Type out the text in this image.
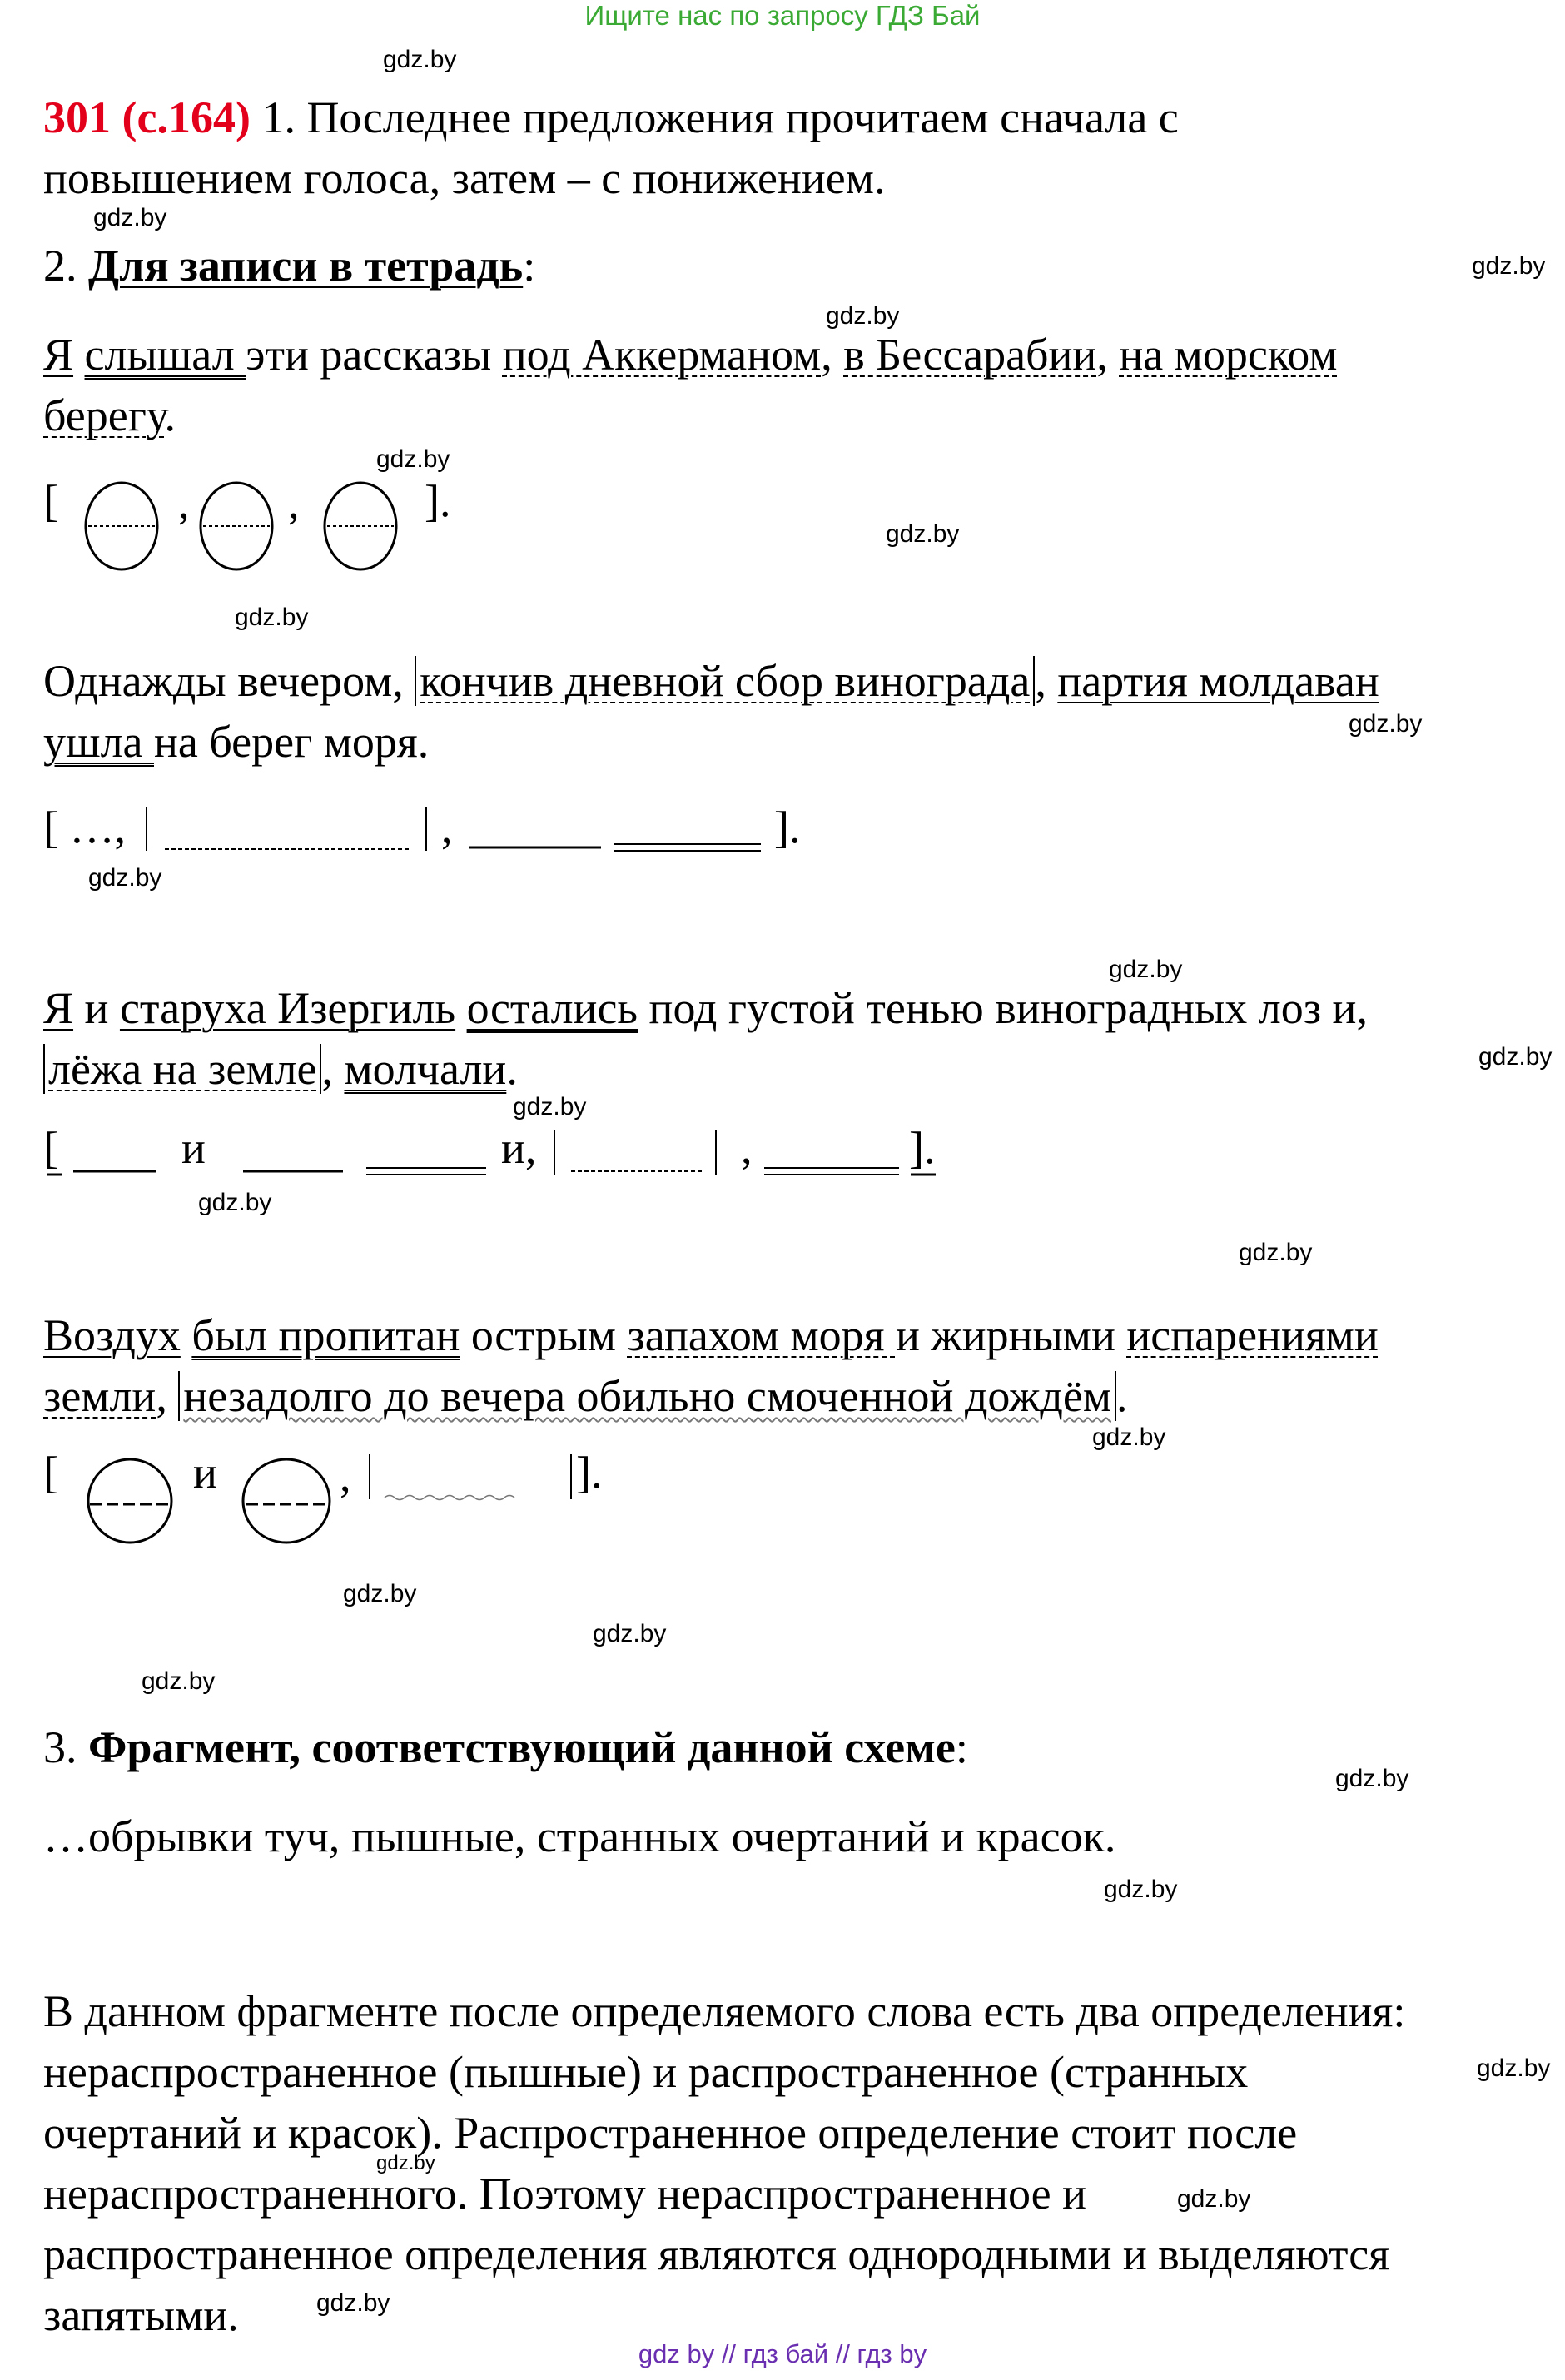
Ищите нас по запросу ГДЗ Бай
301 (с.164) 1. Последнее предложения прочитаем сначала с
повышением голоса, затем – с понижением.
2. Для записи в тетрадь:
Я слышал эти рассказы под Аккерманом, в Бессарабии, на морском
берегу.
[	, ,	].
Однажды вечером, кончив дневной сбор винограда , партия молдаван
ушла на берег моря.
[ …,	,	].
Я и старуха Изергиль остались под густой тенью виноградных лоз и,
лёжа на земле , молчали.
[	и	и,	,	].
Воздух был пропитан острым запахом моря и жирными испарениями
земли, незадолго до вечера обильно смоченной дождём .
[	и	,	].
3. Фрагмент, соответствующий данной схеме:
…обрывки туч, пышные, странных очертаний и красок.
В данном фрагменте после определяемого слова есть два определения:
нераспространенное (пышные) и распространенное (странных
очертаний и красок). Распространенное определение стоит после
нераспространенного. Поэтому нераспространенное и
распространенное определения являются однородными и выделяются
запятыми.
gdz.by
gdz.by
gdz.by
gdz.by
gdz.by
gdz.by
gdz.by
gdz.by
gdz.by
gdz.by
gdz.by
gdz.by
gdz.by
gdz.by
gdz.by
gdz.by
gdz.by
gdz.by
gdz.by
gdz.by
gdz.by
gdz.by
gdz.by
gdz.by
gdz by // гдз бай // гдз by
